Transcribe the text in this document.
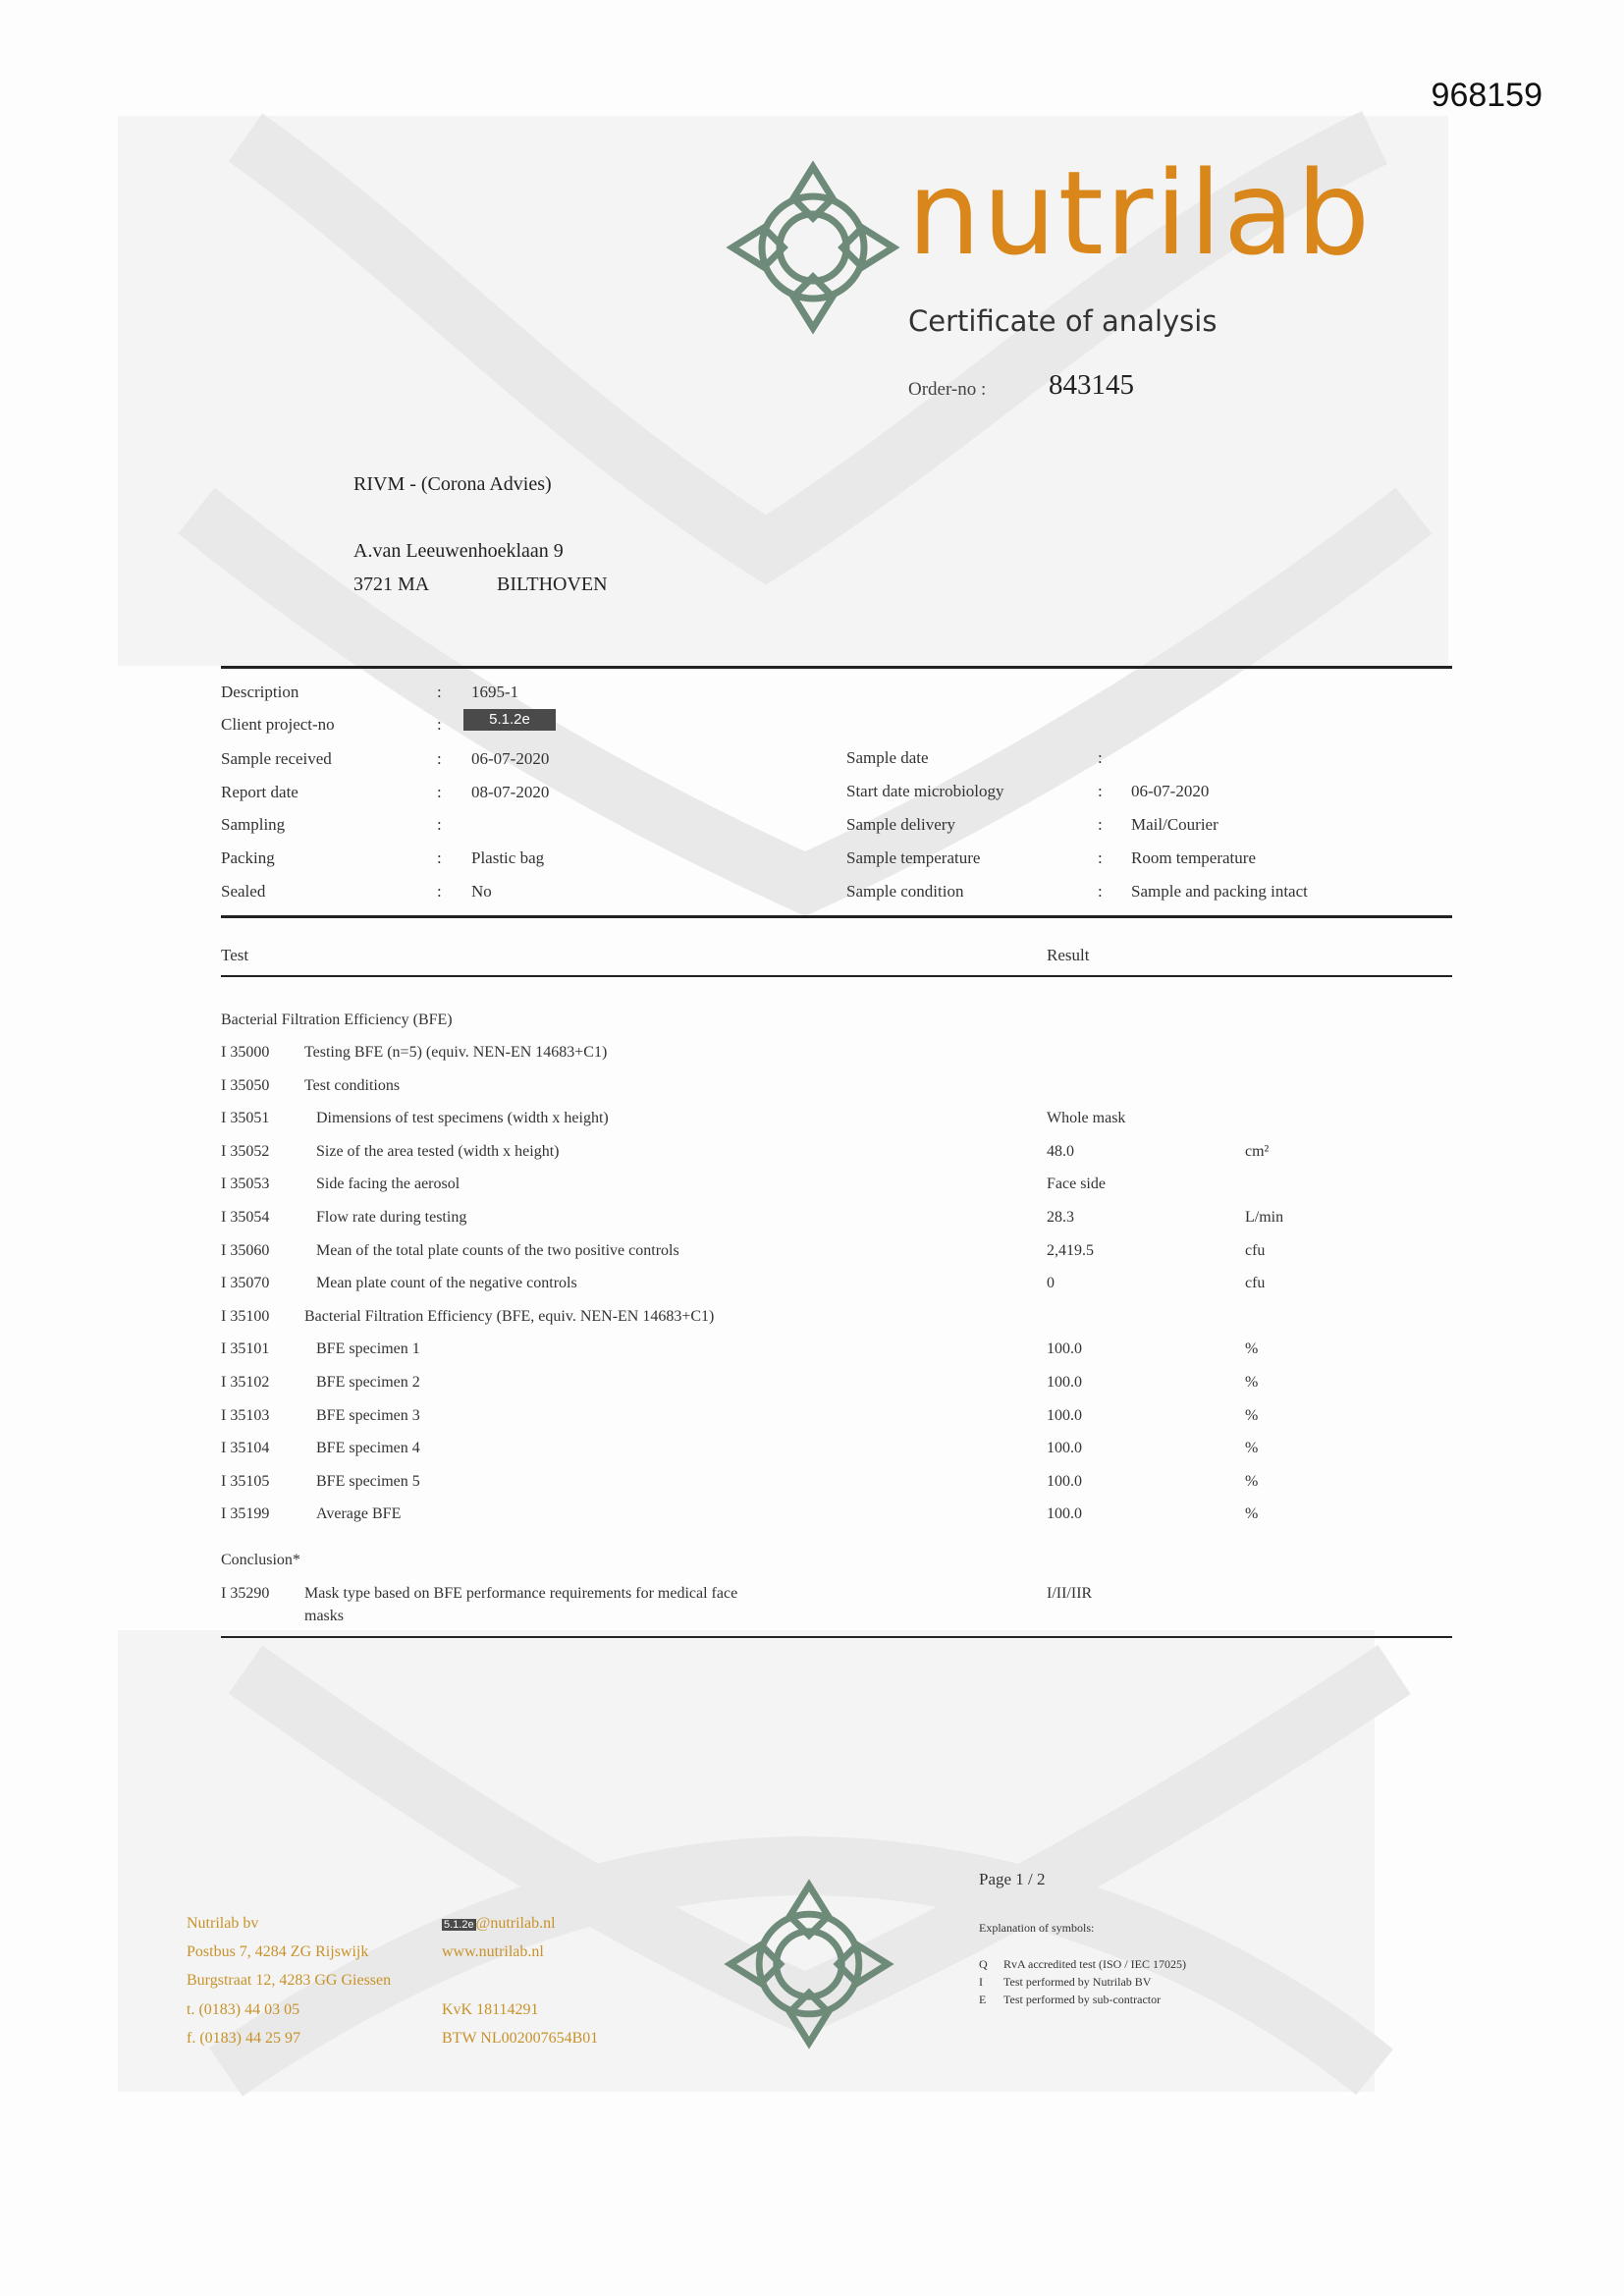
968159
nutrilab
Certificate of analysis
Order-no : 843145
RIVM - (Corona Advies)
A.van Leeuwenhoeklaan 9
3721 MA	BILTHOVEN
Description	: 1695-1
Client project-no	:	5.1.2e
Sample received	: 06-07-2020
Report date	: 08-07-2020
Sampling	:
Packing	: Plastic bag
Sealed	: No
Sample date	:
Start date microbiology	: 06-07-2020
Sample delivery	: Mail/Courier
Sample temperature	: Room temperature
Sample condition	: Sample and packing intact
Test	Result
Bacterial Filtration Efficiency (BFE)
I 35000 Testing BFE (n=5) (equiv. NEN-EN 14683+C1)
I 35050 Test conditions
I 35051	Dimensions of test specimens (width x height)	Whole mask
I 35052	Size of the area tested (width x height)	48.0	cm²
I 35053	Side facing the aerosol	Face side
I 35054	Flow rate during testing	28.3	L/min
I 35060	Mean of the total plate counts of the two positive controls	2,419.5	cfu
I 35070	Mean plate count of the negative controls	0	cfu
I 35100 Bacterial Filtration Efficiency (BFE, equiv. NEN-EN 14683+C1)
I 35101	BFE specimen 1	100.0	%
I 35102	BFE specimen 2	100.0	%
I 35103	BFE specimen 3	100.0	%
I 35104	BFE specimen 4	100.0	%
I 35105	BFE specimen 5	100.0	%
I 35199	Average BFE	100.0	%
Conclusion*
I 35290 Mask type based on BFE performance requirements for medical face
masks
I/II/IIR
Nutrilab bv
Postbus 7, 4284 ZG Rijswijk
Burgstraat 12, 4283 GG Giessen
t. (0183) 44 03 05
f. (0183) 44 25 97
5.1.2e @nutrilab.nl
www.nutrilab.nl
KvK 18114291
BTW NL002007654B01
Page 1 / 2
Explanation of symbols:
Q RvA accredited test (ISO / IEC 17025)
I Test performed by Nutrilab BV
E Test performed by sub-contractor
